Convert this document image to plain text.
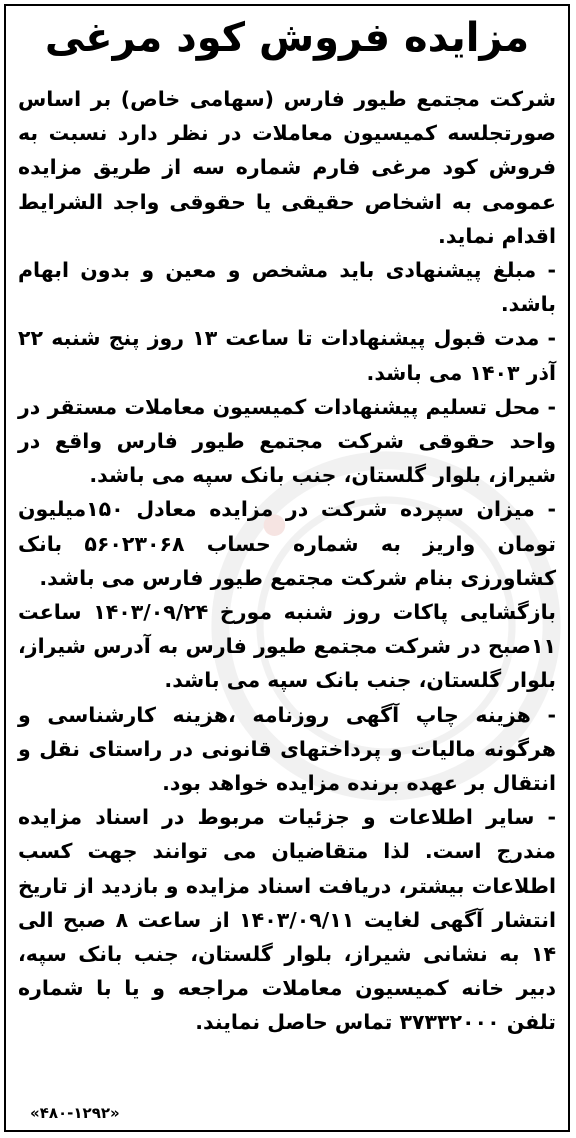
مزایده فروش کود مرغی

شرکت مجتمع طیور فارس (سهامی خاص) بر اساس صورتجلسه کمیسیون معاملات در نظر دارد نسبت به فروش کود مرغی فارم شماره سه از طریق مزایده عمومی به اشخاص حقیقی یا حقوقی واجد الشرایط اقدام نماید.

- مبلغ پیشنهادی باید مشخص و معین و بدون ابهام باشد.

- مدت قبول پیشنهادات تا ساعت ۱۳ روز پنج شنبه ۲۲ آذر ۱۴۰۳ می باشد.

- محل تسلیم پیشنهادات کمیسیون معاملات مستقر در واحد حقوقی شرکت مجتمع طیور فارس واقع در شیراز، بلوار گلستان، جنب بانک سپه می باشد.

- میزان سپرده شرکت در مزایده معادل ۱۵۰میلیون تومان واریز به شماره حساب ۵۶۰۲۳۰۶۸ بانک کشاورزی بنام شرکت مجتمع طیور فارس می باشد.

بازگشایی پاکات روز شنبه مورخ ۱۴۰۳/۰۹/۲۴ ساعت ۱۱صبح در شرکت مجتمع طیور فارس به آدرس شیراز، بلوار گلستان، جنب بانک سپه می باشد.

- هزینه چاپ آگهی روزنامه ،هزینه کارشناسی و هرگونه مالیات و پرداختهای قانونی در راستای نقل و انتقال بر عهده برنده مزایده خواهد بود.

- سایر اطلاعات و جزئیات مربوط در اسناد مزایده مندرج است. لذا متقاضیان می توانند جهت کسب اطلاعات بیشتر، دریافت اسناد مزایده و بازدید از تاریخ انتشار آگهی لغایت ۱۴۰۳/۰۹/۱۱ از ساعت ۸ صبح الی ۱۴ به نشانی شیراز، بلوار گلستان، جنب بانک سپه، دبیر خانه کمیسیون معاملات مراجعه و یا با شماره تلفن ۳۷۳۳۲۰۰۰ تماس حاصل نمایند.

«۴۸۰-۱۲۹۲»
